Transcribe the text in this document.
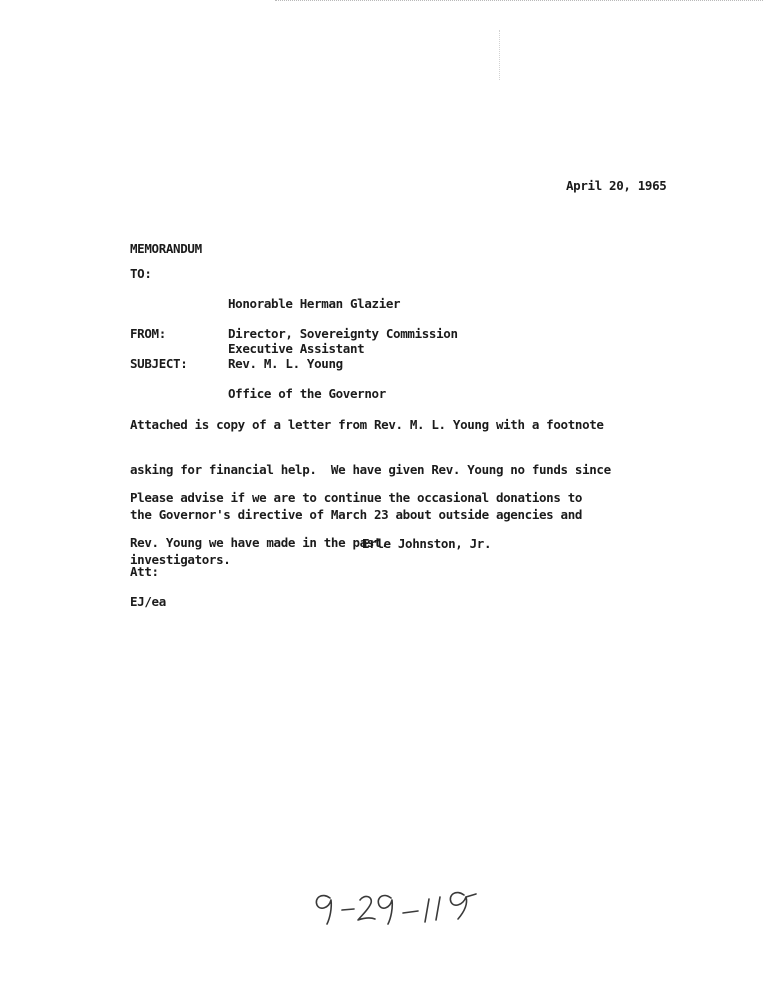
April 20, 1965
MEMORANDUM
TO:

Honorable Herman Glazier

Executive Assistant

Office of the Governor

FROM:	Director, Sovereignty Commission
SUBJECT:	Rev. M. L. Young

Attached is copy of a letter from Rev. M. L. Young with a footnote

asking for financial help.  We have given Rev. Young no funds since

the Governor's directive of March 23 about outside agencies and

investigators.

Please advise if we are to continue the occasional donations to

Rev. Young we have made in the past.

Erle Johnston, Jr.
Att:
EJ/ea
